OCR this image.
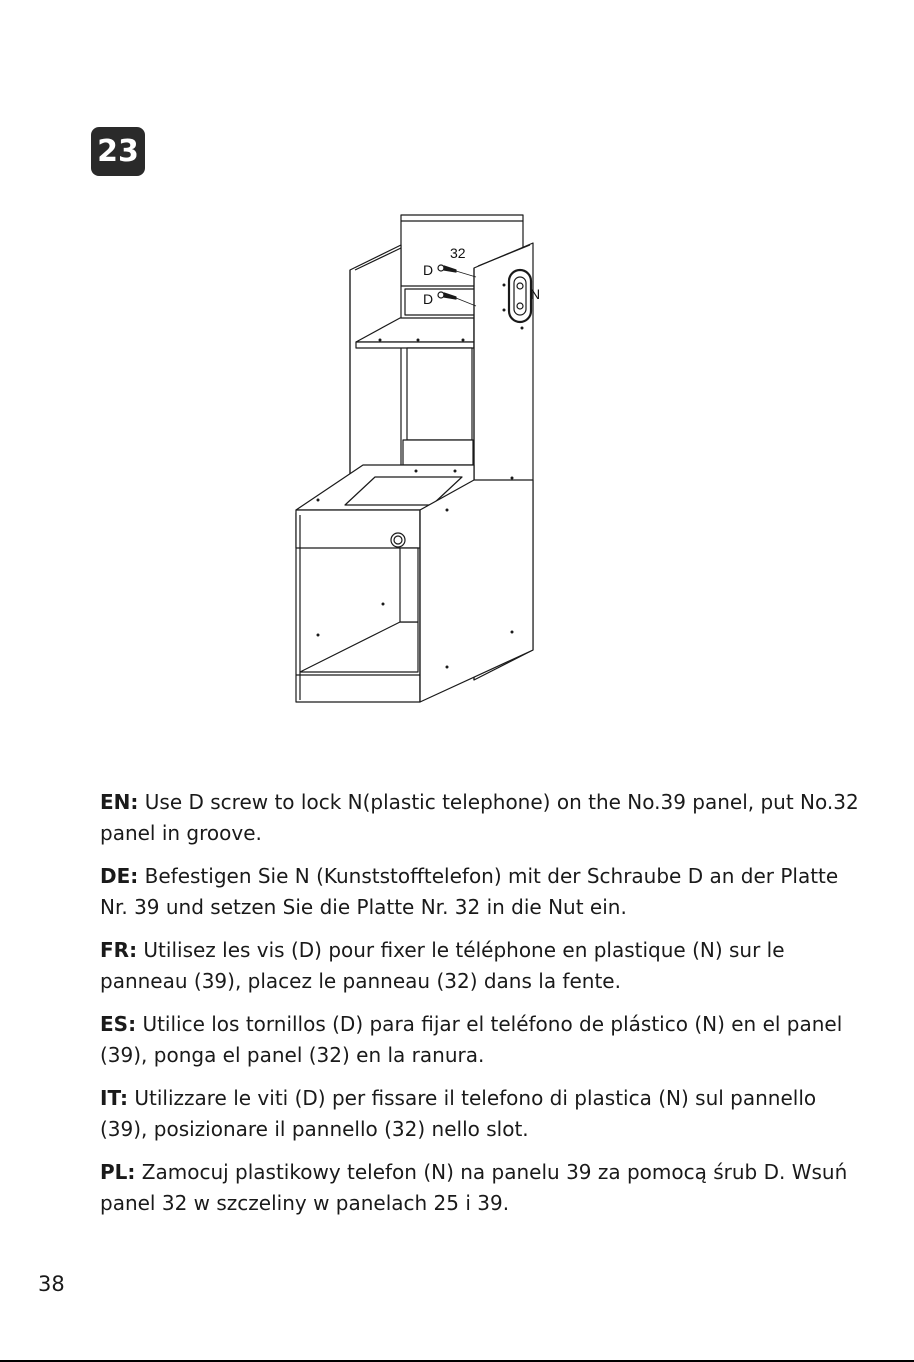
23
32
D
D	N

EN: Use D screw to lock N(plastic telephone) on the No.39 panel, put No.32 panel in groove.

DE: Befestigen Sie N (Kunststofftelefon) mit der Schraube D an der Platte Nr. 39 und setzen Sie die Platte Nr. 32 in die Nut ein.

FR: Utilisez les vis (D) pour fixer le téléphone en plastique (N) sur le panneau (39), placez le panneau (32) dans la fente.

ES: Utilice los tornillos (D) para fijar el teléfono de plástico (N) en el panel (39), ponga el panel (32) en la ranura.

IT: Utilizzare le viti (D) per fissare il telefono di plastica (N) sul pannello (39), posizionare il pannello (32) nello slot.

PL: Zamocuj plastikowy telefon (N) na panelu 39 za pomocą śrub D. Wsuń panel 32 w szczeliny w panelach 25 i 39.

38
